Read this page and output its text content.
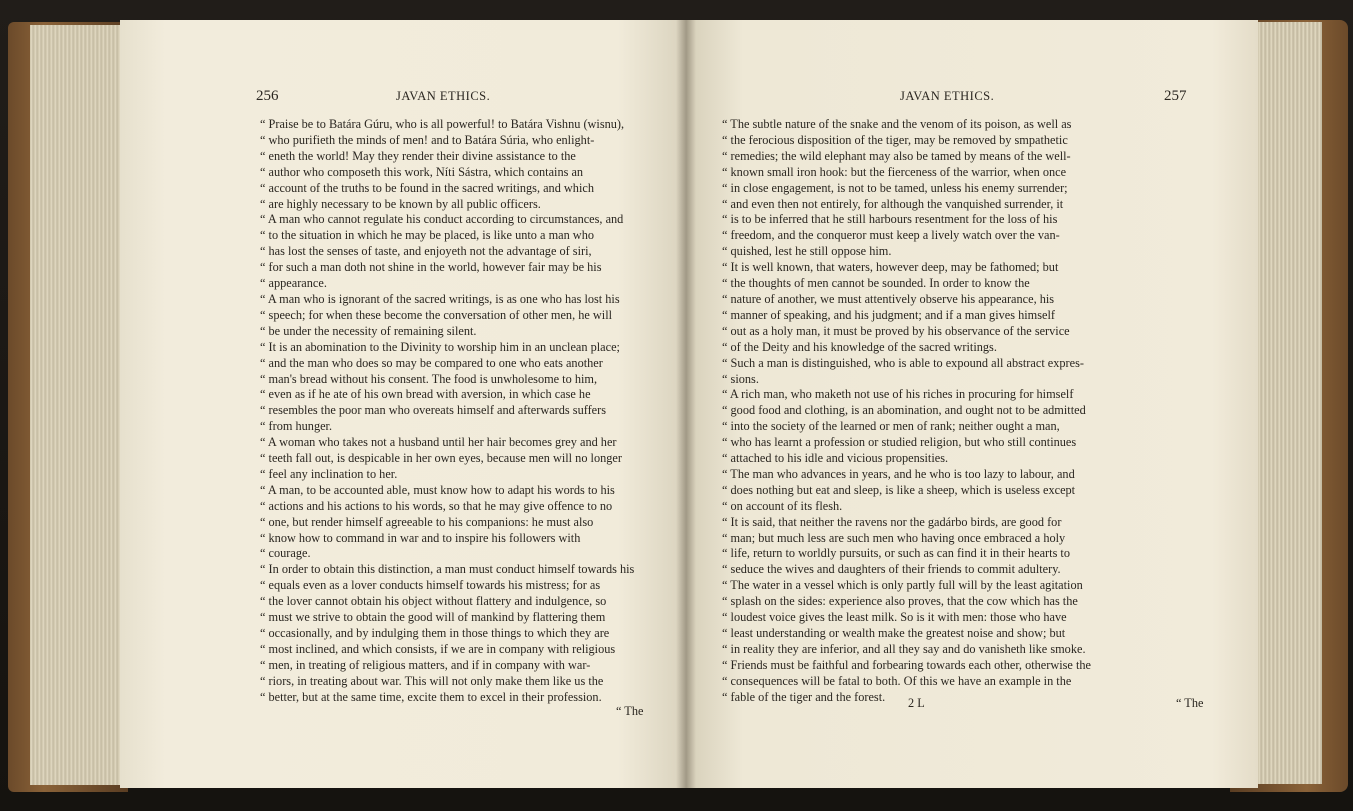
256	JAVAN ETHICS.
“ Praise be to Batára Gúru, who is all powerful! to Batára Vishnu (wisnu),
“ who purifieth the minds of men! and to Batára Súria, who enlight-
“ eneth the world! May they render their divine assistance to the
“ author who composeth this work, Níti Sástra, which contains an
“ account of the truths to be found in the sacred writings, and which
“ are highly necessary to be known by all public officers.
“ A man who cannot regulate his conduct according to circumstances, and
“ to the situation in which he may be placed, is like unto a man who
“ has lost the senses of taste, and enjoyeth not the advantage of siri,
“ for such a man doth not shine in the world, however fair may be his
“ appearance.
“ A man who is ignorant of the sacred writings, is as one who has lost his
“ speech; for when these become the conversation of other men, he will
“ be under the necessity of remaining silent.
“ It is an abomination to the Divinity to worship him in an unclean place;
“ and the man who does so may be compared to one who eats another
“ man's bread without his consent. The food is unwholesome to him,
“ even as if he ate of his own bread with aversion, in which case he
“ resembles the poor man who overeats himself and afterwards suffers
“ from hunger.
“ A woman who takes not a husband until her hair becomes grey and her
“ teeth fall out, is despicable in her own eyes, because men will no longer
“ feel any inclination to her.
“ A man, to be accounted able, must know how to adapt his words to his
“ actions and his actions to his words, so that he may give offence to no
“ one, but render himself agreeable to his companions: he must also
“ know how to command in war and to inspire his followers with
“ courage.
“ In order to obtain this distinction, a man must conduct himself towards his
“ equals even as a lover conducts himself towards his mistress; for as
“ the lover cannot obtain his object without flattery and indulgence, so
“ must we strive to obtain the good will of mankind by flattering them
“ occasionally, and by indulging them in those things to which they are
“ most inclined, and which consists, if we are in company with religious
“ men, in treating of religious matters, and if in company with war-
“ riors, in treating about war. This will not only make them like us the
“ better, but at the same time, excite them to excel in their profession.
“ The
JAVAN ETHICS.	257
“ The subtle nature of the snake and the venom of its poison, as well as
“ the ferocious disposition of the tiger, may be removed by smpathetic
“ remedies; the wild elephant may also be tamed by means of the well-
“ known small iron hook: but the fierceness of the warrior, when once
“ in close engagement, is not to be tamed, unless his enemy surrender;
“ and even then not entirely, for although the vanquished surrender, it
“ is to be inferred that he still harbours resentment for the loss of his
“ freedom, and the conqueror must keep a lively watch over the van-
“ quished, lest he still oppose him.
“ It is well known, that waters, however deep, may be fathomed; but
“ the thoughts of men cannot be sounded. In order to know the
“ nature of another, we must attentively observe his appearance, his
“ manner of speaking, and his judgment; and if a man gives himself
“ out as a holy man, it must be proved by his observance of the service
“ of the Deity and his knowledge of the sacred writings.
“ Such a man is distinguished, who is able to expound all abstract expres-
“ sions.
“ A rich man, who maketh not use of his riches in procuring for himself
“ good food and clothing, is an abomination, and ought not to be admitted
“ into the society of the learned or men of rank; neither ought a man,
“ who has learnt a profession or studied religion, but who still continues
“ attached to his idle and vicious propensities.
“ The man who advances in years, and he who is too lazy to labour, and
“ does nothing but eat and sleep, is like a sheep, which is useless except
“ on account of its flesh.
“ It is said, that neither the ravens nor the gadárbo birds, are good for
“ man; but much less are such men who having once embraced a holy
“ life, return to worldly pursuits, or such as can find it in their hearts to
“ seduce the wives and daughters of their friends to commit adultery.
“ The water in a vessel which is only partly full will by the least agitation
“ splash on the sides: experience also proves, that the cow which has the
“ loudest voice gives the least milk. So is it with men: those who have
“ least understanding or wealth make the greatest noise and show; but
“ in reality they are inferior, and all they say and do vanisheth like smoke.
“ Friends must be faithful and forbearing towards each other, otherwise the
“ consequences will be fatal to both. Of this we have an example in the
“ fable of the tiger and the forest.	2 L	“ The
